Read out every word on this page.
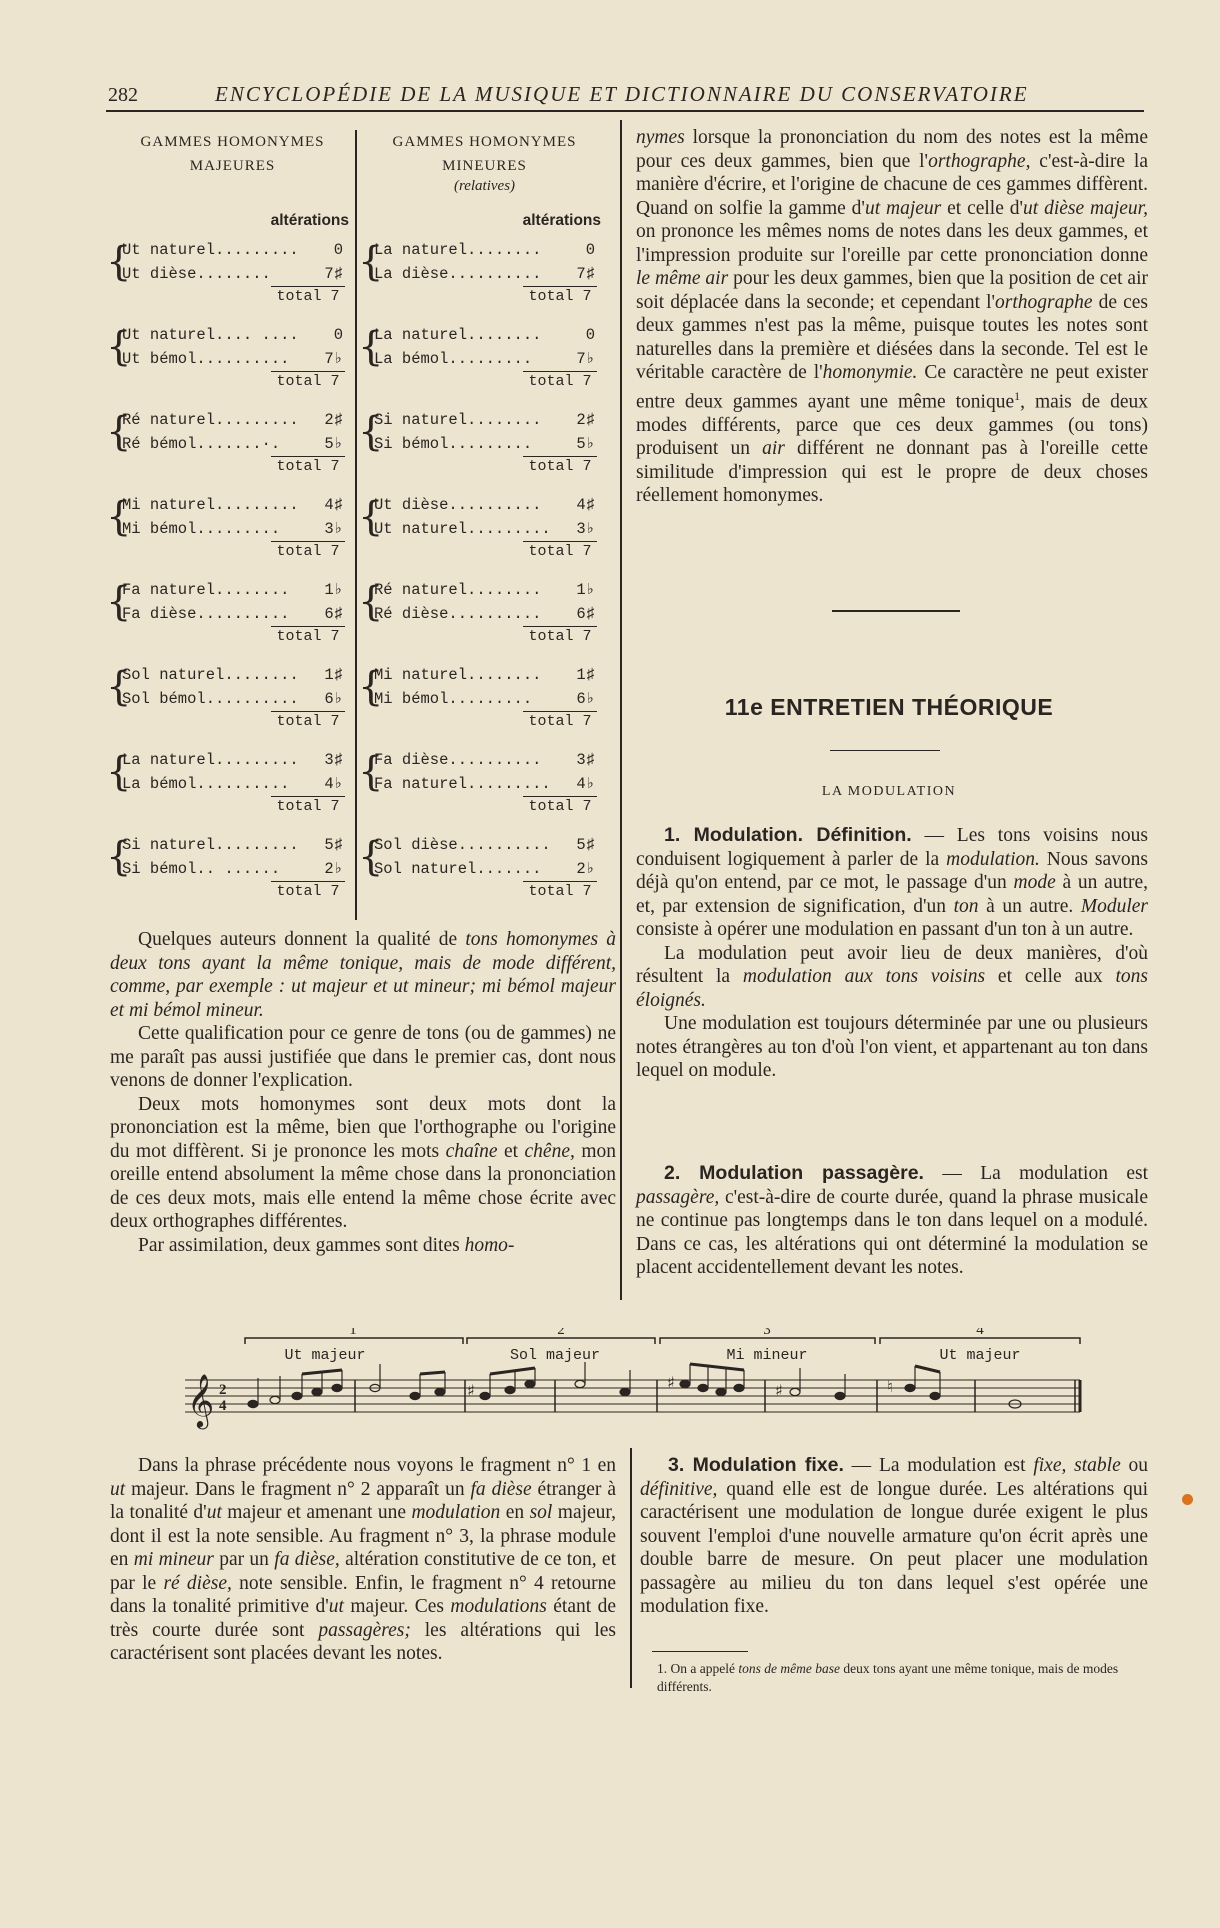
282	ENCYCLOPÉDIE DE LA MUSIQUE ET DICTIONNAIRE DU CONSERVATOIRE
GAMMES HOMONYMES
MAJEURES
altérations
{
Ut naturel......... 0
Ut dièse........	7♯
total 7
{
Ut naturel.... .... 0
Ut bémol.......... 7♭
total 7
{
Ré naturel......... 2♯
Ré bémol.......·.	5♭
total 7
{
Mi naturel......... 4♯
Mi bémol.........	3♭
total 7
{
Fa naturel........ 1♭
Fa dièse.......... 6♯
total 7
{
Sol naturel........ 1♯
Sol bémol.......... 6♭
total 7
{
La naturel......... 3♯
La bémol.......... 4♭
total 7
{
Si naturel......... 5♯
Si bémol.. ......	2♭
total 7
GAMMES HOMONYMES
MINEURES
(relatives)
altérations
{
La naturel........	0
La dièse.......... 7♯
total 7
{
La naturel........	0
La bémol.........	7♭
total 7
{
Si naturel........ 2♯
Si bémol.........	5♭
total 7
{
Ut dièse.......... 4♯
Ut naturel......... 3♭
total 7
{
Ré naturel........ 1♭
Ré dièse.......... 6♯
total 7
{
Mi naturel........ 1♯
Mi bémol.........	6♭
total 7
{
Fa dièse.......... 3♯
Fa naturel......... 4♭
total 7
{
Sol dièse.......... 5♯
Sol naturel....... 2♭
total 7

Quelques auteurs donnent la qualité de tons homonymes à deux tons ayant la même tonique, mais de mode différent, comme, par exemple : ut majeur et ut mineur; mi bémol majeur et mi bémol mineur.

Cette qualification pour ce genre de tons (ou de gammes) ne me paraît pas aussi justifiée que dans le premier cas, dont nous venons de donner l'explication.

Deux mots homonymes sont deux mots dont la prononciation est la même, bien que l'orthographe ou l'origine du mot diffèrent. Si je prononce les mots chaîne et chêne, mon oreille entend absolument la même chose dans la prononciation de ces deux mots, mais elle entend la même chose écrite avec deux orthographes différentes.

Par assimilation, deux gammes sont dites homo-

nymes lorsque la prononciation du nom des notes est la même pour ces deux gammes, bien que l'orthographe, c'est-à-dire la manière d'écrire, et l'origine de chacune de ces gammes diffèrent. Quand on solfie la gamme d'ut majeur et celle d'ut dièse majeur, on prononce les mêmes noms de notes dans les deux gammes, et l'impression produite sur l'oreille par cette prononciation donne le même air pour les deux gammes, bien que la position de cet air soit déplacée dans la seconde; et cependant l'orthographe de ces deux gammes n'est pas la même, puisque toutes les notes sont naturelles dans la première et diésées dans la seconde. Tel est le véritable caractère de l'homonymie. Ce caractère ne peut exister entre deux gammes ayant une même tonique$^1$, mais de deux modes différents, parce que ces deux gammes (ou tons) produisent un air différent ne donnant pas à l'oreille cette similitude d'impression qui est le propre de deux choses réellement homonymes.

11e ENTRETIEN THÉORIQUE
LA MODULATION

1. Modulation. Définition. — Les tons voisins nous conduisent logiquement à parler de la modulation. Nous savons déjà qu'on entend, par ce mot, le passage d'un mode à un autre, et, par extension de signification, d'un ton à un autre. Moduler consiste à opérer une modulation en passant d'un ton à un autre.

La modulation peut avoir lieu de deux manières, d'où résultent la modulation aux tons voisins et celle aux tons éloignés.

Une modulation est toujours déterminée par une ou plusieurs notes étrangères au ton d'où l'on vient, et appartenant au ton dans lequel on module.

2. Modulation passagère. — La modulation est passagère, c'est-à-dire de courte durée, quand la phrase musicale ne continue pas longtemps dans le ton dans lequel on a modulé. Dans ce cas, les altérations qui ont déterminé la modulation se placent accidentellement devant les notes.

1	2	3	4
Ut majeur	Sol majeur	Mi mineur	Ut majeur
𝄞 2
4
♯	♯	♯	♮

Dans la phrase précédente nous voyons le fragment n° 1 en ut majeur. Dans le fragment n° 2 apparaît un fa dièse étranger à la tonalité d'ut majeur et amenant une modulation en sol majeur, dont il est la note sensible. Au fragment n° 3, la phrase module en mi mineur par un fa dièse, altération constitutive de ce ton, et par le ré dièse, note sensible. Enfin, le fragment n° 4 retourne dans la tonalité primitive d'ut majeur. Ces modulations étant de très courte durée sont passagères; les altérations qui les caractérisent sont placées devant les notes.

3. Modulation fixe. — La modulation est fixe, stable ou définitive, quand elle est de longue durée. Les altérations qui caractérisent une modulation de longue durée exigent le plus souvent l'emploi d'une nouvelle armature qu'on écrit après une double barre de mesure. On peut placer une modulation passagère au milieu du ton dans lequel s'est opérée une modulation fixe.

1. On a appelé tons de même base deux tons ayant une même tonique, mais de modes différents.
